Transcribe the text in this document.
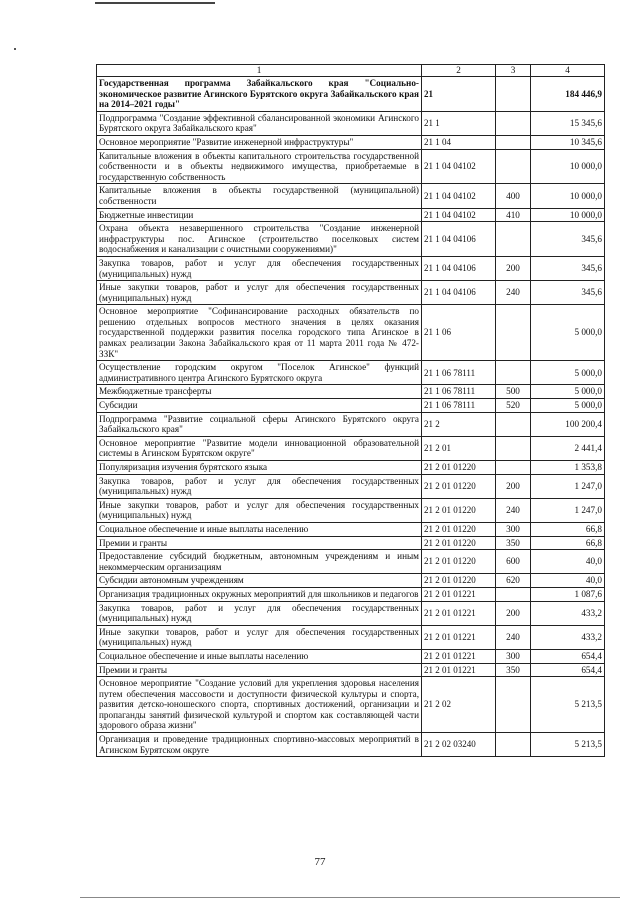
1	2	3	4
Государственная программа Забайкальского края "Социально-экономическое развитие Агинского Бурятского округа Забайкальского края на 2014–2021 годы"	21		184 446,9
Подпрограмма "Создание эффективной сбалансированной экономики Агинского Бурятского округа Забайкальского края"	21 1		15 345,6
Основное мероприятие "Развитие инженерной инфраструктуры"	21 1 04		10 345,6
Капитальные вложения в объекты капитального строительства государственной собственности и в объекты недвижимого имущества, приобретаемые в государственную собственность	21 1 04 04102		10 000,0
Капитальные вложения в объекты государственной (муниципальной) собственности	21 1 04 04102	400	10 000,0
Бюджетные инвестиции	21 1 04 04102	410	10 000,0
Охрана объекта незавершенного строительства "Создание инженерной инфраструктуры пос. Агинское (строительство поселковых систем водоснабжения и канализации с очистными сооружениями)"	21 1 04 04106		345,6
Закупка товаров, работ и услуг для обеспечения государственных (муниципальных) нужд	21 1 04 04106	200	345,6
Иные закупки товаров, работ и услуг для обеспечения государственных (муниципальных) нужд	21 1 04 04106	240	345,6
Основное мероприятие "Софинансирование расходных обязательств по решению отдельных вопросов местного значения в целях оказания государственной поддержки развития поселка городского типа Агинское в рамках реализации Закона Забайкальского края от 11 марта 2011 года № 472-ЗЗК"	21 1 06		5 000,0
Осуществление городским округом "Поселок Агинское" функций административного центра Агинского Бурятского округа	21 1 06 78111		5 000,0
Межбюджетные трансферты	21 1 06 78111	500	5 000,0
Субсидии	21 1 06 78111	520	5 000,0
Подпрограмма "Развитие социальной сферы Агинского Бурятского округа Забайкальского края"	21 2		100 200,4
Основное мероприятие "Развитие модели инновационной образовательной системы в Агинском Бурятском округе"	21 2 01		2 441,4
Популяризация изучения бурятского языка	21 2 01 01220		1 353,8
Закупка товаров, работ и услуг для обеспечения государственных (муниципальных) нужд	21 2 01 01220	200	1 247,0
Иные закупки товаров, работ и услуг для обеспечения государственных (муниципальных) нужд	21 2 01 01220	240	1 247,0
Социальное обеспечение и иные выплаты населению	21 2 01 01220	300	66,8
Премии и гранты	21 2 01 01220	350	66,8
Предоставление субсидий бюджетным, автономным учреждениям и иным некоммерческим организациям	21 2 01 01220	600	40,0
Субсидии автономным учреждениям	21 2 01 01220	620	40,0
Организация традиционных окружных мероприятий для школьников и педагогов	21 2 01 01221		1 087,6
Закупка товаров, работ и услуг для обеспечения государственных (муниципальных) нужд	21 2 01 01221	200	433,2
Иные закупки товаров, работ и услуг для обеспечения государственных (муниципальных) нужд	21 2 01 01221	240	433,2
Социальное обеспечение и иные выплаты населению	21 2 01 01221	300	654,4
Премии и гранты	21 2 01 01221	350	654,4
Основное мероприятие "Создание условий для укрепления здоровья населения путем обеспечения массовости и доступности физической культуры и спорта, развития детско-юношеского спорта, спортивных достижений, организации и пропаганды занятий физической культурой и спортом как составляющей части здорового образа жизни"	21 2 02		5 213,5
Организация и проведение традиционных спортивно-массовых мероприятий в Агинском Бурятском округе	21 2 02 03240		5 213,5
77
